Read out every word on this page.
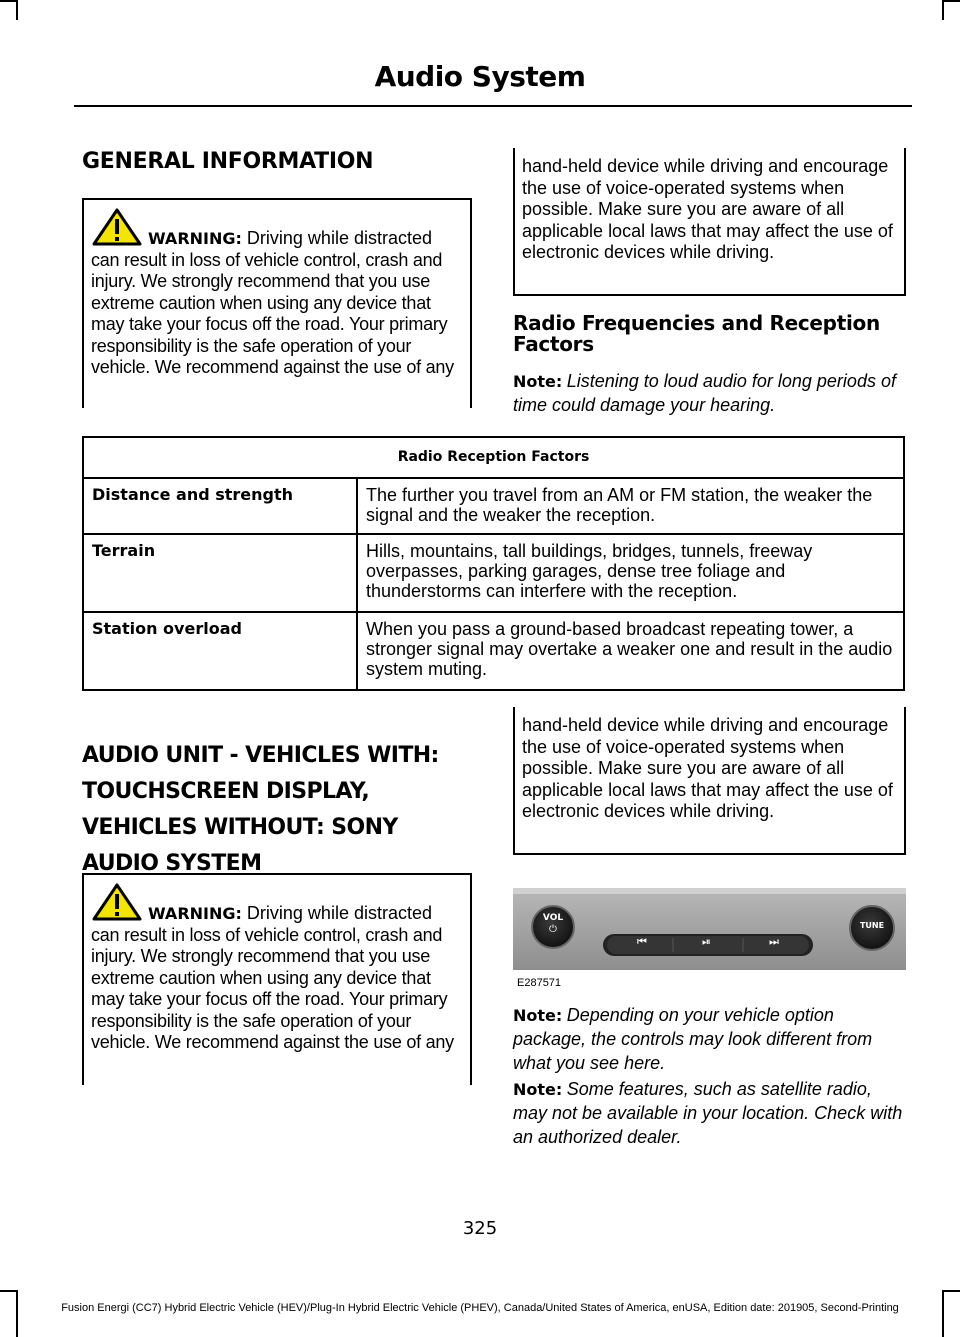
Audio System
GENERAL INFORMATION
WARNING: Driving while distracted
can result in loss of vehicle control, crash and injury. We strongly recommend that you use extreme caution when using any device that may take your focus off the road. Your primary responsibility is the safe operation of your vehicle. We recommend against the use of any
hand-held device while driving and encourage the use of voice-operated systems when possible. Make sure you are aware of all applicable local laws that may affect the use of electronic devices while driving.
Radio Frequencies and Reception Factors
Note: Listening to loud audio for long periods of time could damage your hearing.
Radio Reception Factors	
Distance and strength	The further you travel from an AM or FM station, the weaker the signal and the weaker the reception.
Terrain	Hills, mountains, tall buildings, bridges, tunnels, freeway overpasses, parking garages, dense tree foliage and thunderstorms can interfere with the reception.
Station overload	When you pass a ground-based broadcast repeating tower, a stronger signal may overtake a weaker one and result in the audio system muting.
AUDIO UNIT - VEHICLES WITH:
TOUCHSCREEN DISPLAY,
VEHICLES WITHOUT: SONY
AUDIO SYSTEM
WARNING: Driving while distracted
can result in loss of vehicle control, crash and injury. We strongly recommend that you use extreme caution when using any device that may take your focus off the road. Your primary responsibility is the safe operation of your vehicle. We recommend against the use of any
hand-held device while driving and encourage the use of voice-operated systems when possible. Make sure you are aware of all applicable local laws that may affect the use of electronic devices while driving.
VOL
⏻
⏮	⏯	⏭
TUNE
E287571
Note: Depending on your vehicle option package, the controls may look different from what you see here.
Note: Some features, such as satellite radio, may not be available in your location. Check with an authorized dealer.
325
Fusion Energi (CC7) Hybrid Electric Vehicle (HEV)/Plug-In Hybrid Electric Vehicle (PHEV), Canada/United States of America, enUSA, Edition date: 201905, Second-Printing
